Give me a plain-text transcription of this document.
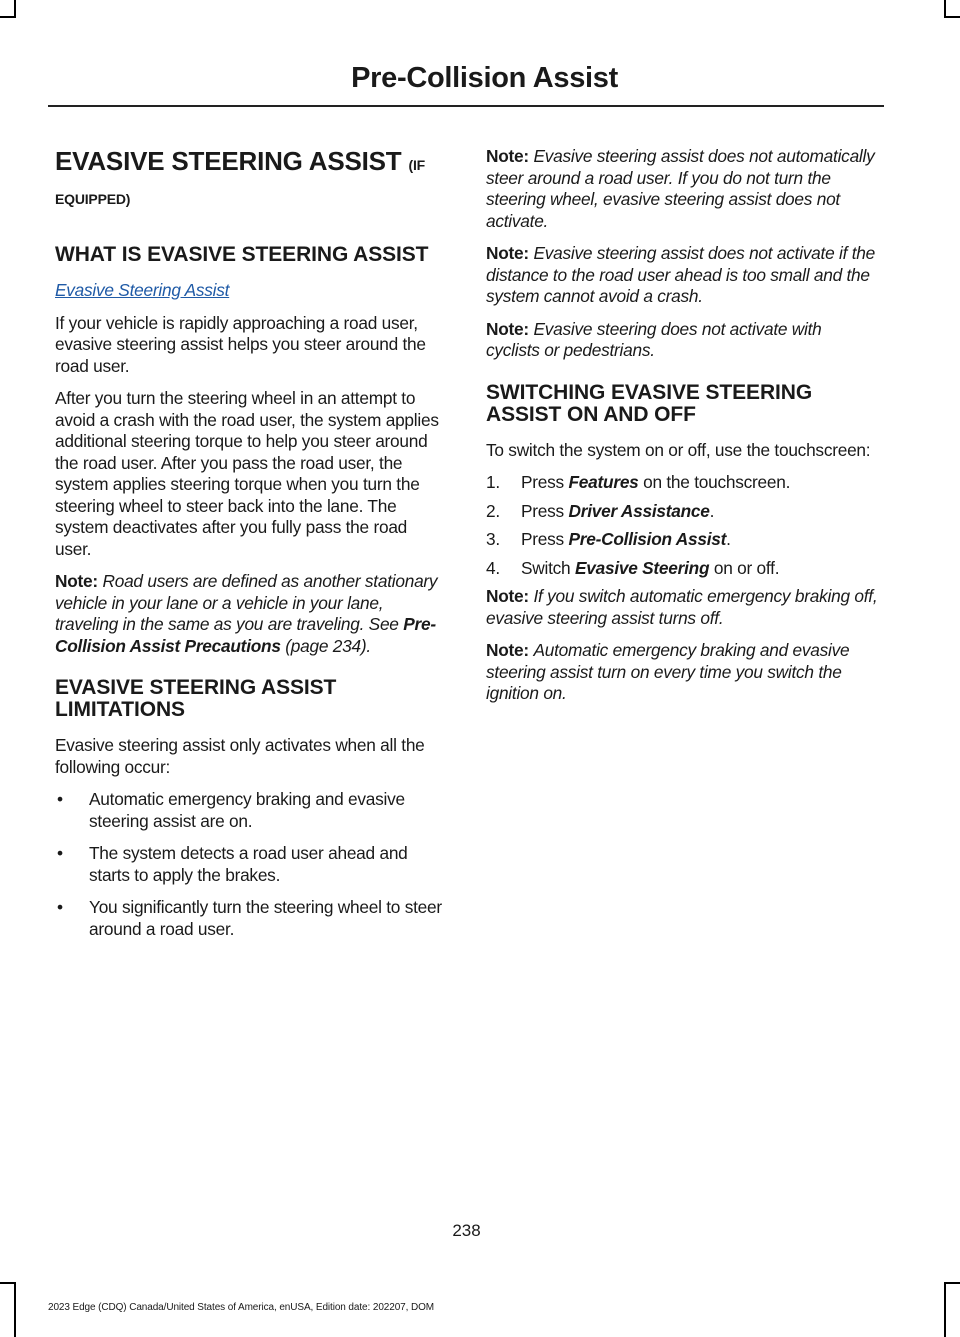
Pre-Collision Assist
EVASIVE STEERING ASSIST (IF
EQUIPPED)
WHAT IS EVASIVE STEERING ASSIST

Evasive Steering Assist

If your vehicle is rapidly approaching a road user, evasive steering assist helps you steer around the road user.

After you turn the steering wheel in an attempt to avoid a crash with the road user, the system applies additional steering torque to help you steer around the road user. After you pass the road user, the system applies steering torque when you turn the steering wheel to steer back into the lane. The system deactivates after you fully pass the road user.

Note: Road users are defined as another stationary vehicle in your lane or a vehicle in your lane, traveling in the same as you are traveling. See Pre-Collision Assist Precautions (page 234).

EVASIVE STEERING ASSIST LIMITATIONS

Evasive steering assist only activates when all the following occur:

• Automatic emergency braking and evasive steering assist are on.
• The system detects a road user ahead and starts to apply the brakes.
• You significantly turn the steering wheel to steer around a road user.

Note: Evasive steering assist does not automatically steer around a road user. If you do not turn the steering wheel, evasive steering assist does not activate.

Note: Evasive steering assist does not activate if the distance to the road user ahead is too small and the system cannot avoid a crash.

Note: Evasive steering does not activate with cyclists or pedestrians.

SWITCHING EVASIVE STEERING ASSIST ON AND OFF

To switch the system on or off, use the touchscreen:

1. Press Features on the touchscreen.
2. Press Driver Assistance.
3. Press Pre-Collision Assist.
4. Switch Evasive Steering on or off.

Note: If you switch automatic emergency braking off, evasive steering assist turns off.

Note: Automatic emergency braking and evasive steering assist turn on every time you switch the ignition on.

238
2023 Edge (CDQ) Canada/United States of America, enUSA, Edition date: 202207, DOM
